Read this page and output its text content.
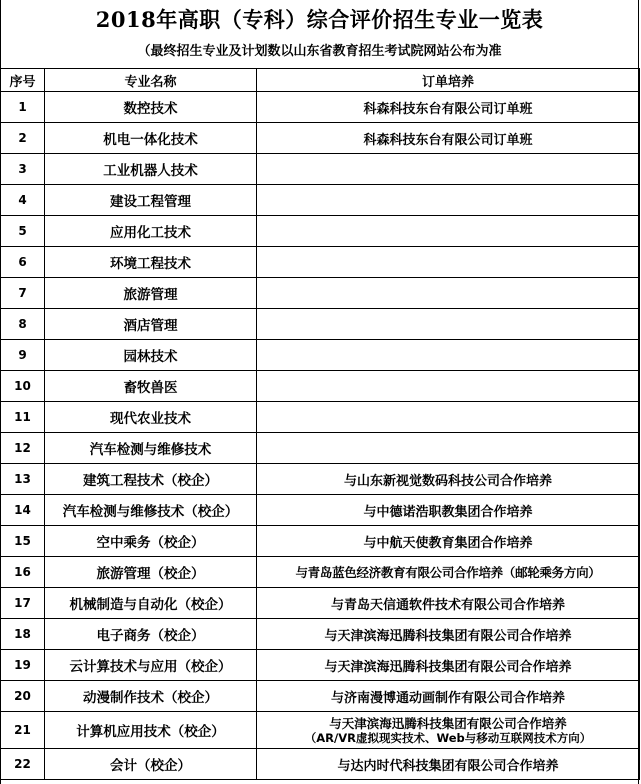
2018年高职（专科）综合评价招生专业一览表
（最终招生专业及计划数以山东省教育招生考试院网站公布为准
序号	专业名称	订单培养
1	数控技术	科森科技东台有限公司订单班
2	机电一体化技术	科森科技东台有限公司订单班
3	工业机器人技术	
4	建设工程管理	
5	应用化工技术	
6	环境工程技术	
7	旅游管理	
8	酒店管理	
9	园林技术	
10	畜牧兽医	
11	现代农业技术	
12	汽车检测与维修技术	
13	建筑工程技术（校企）	与山东新视觉数码科技公司合作培养
14	汽车检测与维修技术（校企）	与中德诺浩职教集团合作培养
15	空中乘务（校企）	与中航天使教育集团合作培养
16	旅游管理（校企）	与青岛蓝色经济教育有限公司合作培养（邮轮乘务方向）
17	机械制造与自动化（校企）	与青岛天信通软件技术有限公司合作培养
18	电子商务（校企）	与天津滨海迅腾科技集团有限公司合作培养
19	云计算技术与应用（校企）	与天津滨海迅腾科技集团有限公司合作培养
20	动漫制作技术（校企）	与济南漫博通动画制作有限公司合作培养
21	计算机应用技术（校企）	与天津滨海迅腾科技集团有限公司合作培养
（AR/VR虚拟现实技术、Web与移动互联网技术方向）

22	会计（校企）	与达内时代科技集团有限公司合作培养
